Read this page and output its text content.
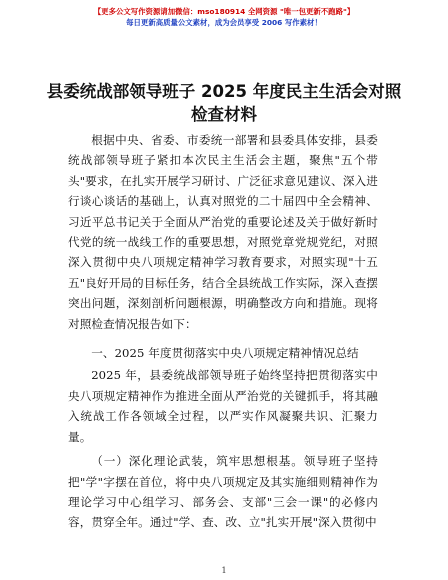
【更多公文写作资源请加微信：mso180914 全网资源 "唯一包更新不跑路"】
每日更新高质量公文素材，成为会员享受 2006 写作素材！
县委统战部领导班子 2025 年度民主生活会对照检查材料

根据中央、省委、市委统一部署和县委具体安排，县委统战部领导班子紧扣本次民主生活会主题，聚焦"五个带头"要求，在扎实开展学习研讨、广泛征求意见建议、深入进行谈心谈话的基础上，认真对照党的二十届四中全会精神、习近平总书记关于全面从严治党的重要论述及关于做好新时代党的统一战线工作的重要思想，对照党章党规党纪，对照深入贯彻中央八项规定精神学习教育要求，对照实现"十五五"良好开局的目标任务，结合全县统战工作实际，深入查摆突出问题，深刻剖析问题根源，明确整改方向和措施。现将对照检查情况报告如下：

一、2025 年度贯彻落实中央八项规定精神情况总结

2025 年，县委统战部领导班子始终坚持把贯彻落实中央八项规定精神作为推进全面从严治党的关键抓手，将其融入统战工作各领域全过程，以严实作风凝聚共识、汇聚力量。

（一）深化理论武装，筑牢思想根基。领导班子坚持把"学"字摆在首位，将中央八项规定及其实施细则精神作为理论学习中心组学习、部务会、支部"三会一课"的必修内容，贯穿全年。通过"学、查、改、立"扎实开展"深入贯彻中

1
